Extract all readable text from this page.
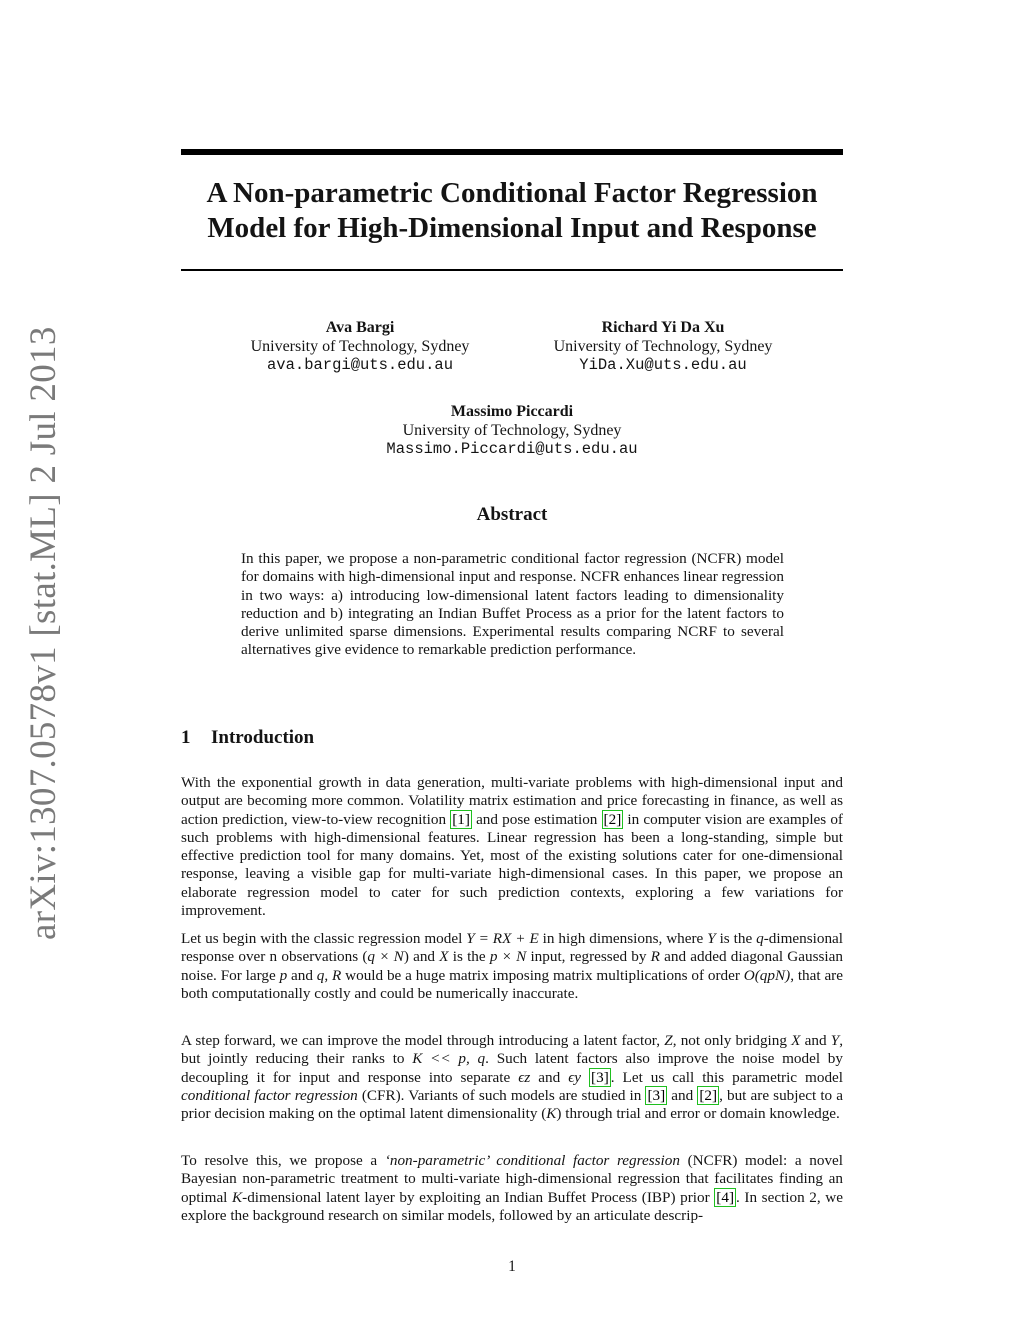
A Non-parametric Conditional Factor Regression
Model for High-Dimensional Input and Response
Ava Bargi
University of Technology, Sydney
ava.bargi@uts.edu.au
Richard Yi Da Xu
University of Technology, Sydney
YiDa.Xu@uts.edu.au
Massimo Piccardi
University of Technology, Sydney
Massimo.Piccardi@uts.edu.au
Abstract
In this paper, we propose a non-parametric conditional factor regression (NCFR) model for domains with high-dimensional input and response. NCFR enhances linear regression in two ways: a) introducing low-dimensional latent factors leading to dimensionality reduction and b) integrating an Indian Buffet Process as a prior for the latent factors to derive unlimited sparse dimensions. Experimental results comparing NCRF to several alternatives give evidence to remarkable prediction performance.
1 Introduction
With the exponential growth in data generation, multi-variate problems with high-dimensional input and output are becoming more common. Volatility matrix estimation and price forecasting in finance, as well as action prediction, view-to-view recognition [1] and pose estimation [2] in computer vision are examples of such problems with high-dimensional features. Linear regression has been a long-standing, simple but effective prediction tool for many domains. Yet, most of the existing solutions cater for one-dimensional response, leaving a visible gap for multi-variate high-dimensional cases. In this paper, we propose an elaborate regression model to cater for such prediction contexts, exploring a few variations for improvement.
Let us begin with the classic regression model Y = RX + E in high dimensions, where Y is the q-dimensional response over n observations (q × N) and X is the p × N input, regressed by R and added diagonal Gaussian noise. For large p and q, R would be a huge matrix imposing matrix multiplications of order O(qpN), that are both computationally costly and could be numerically inaccurate.
A step forward, we can improve the model through introducing a latent factor, Z, not only bridging X and Y, but jointly reducing their ranks to K << p, q. Such latent factors also improve the noise model by decoupling it for input and response into separate ϵz and ϵy [3] . Let us call this parametric model conditional factor regression (CFR). Variants of such models are studied in [3] and [2] , but are subject to a prior decision making on the optimal latent dimensionality (K) through trial and error or domain knowledge.
To resolve this, we propose a ‘non-parametric’ conditional factor regression (NCFR) model: a novel Bayesian non-parametric treatment to multi-variate high-dimensional regression that facilitates finding an optimal K-dimensional latent layer by exploiting an Indian Buffet Process (IBP) prior [4] . In section 2, we explore the background research on similar models, followed by an articulate descrip-
arXiv:1307.0578v1 [stat.ML] 2 Jul 2013
1
